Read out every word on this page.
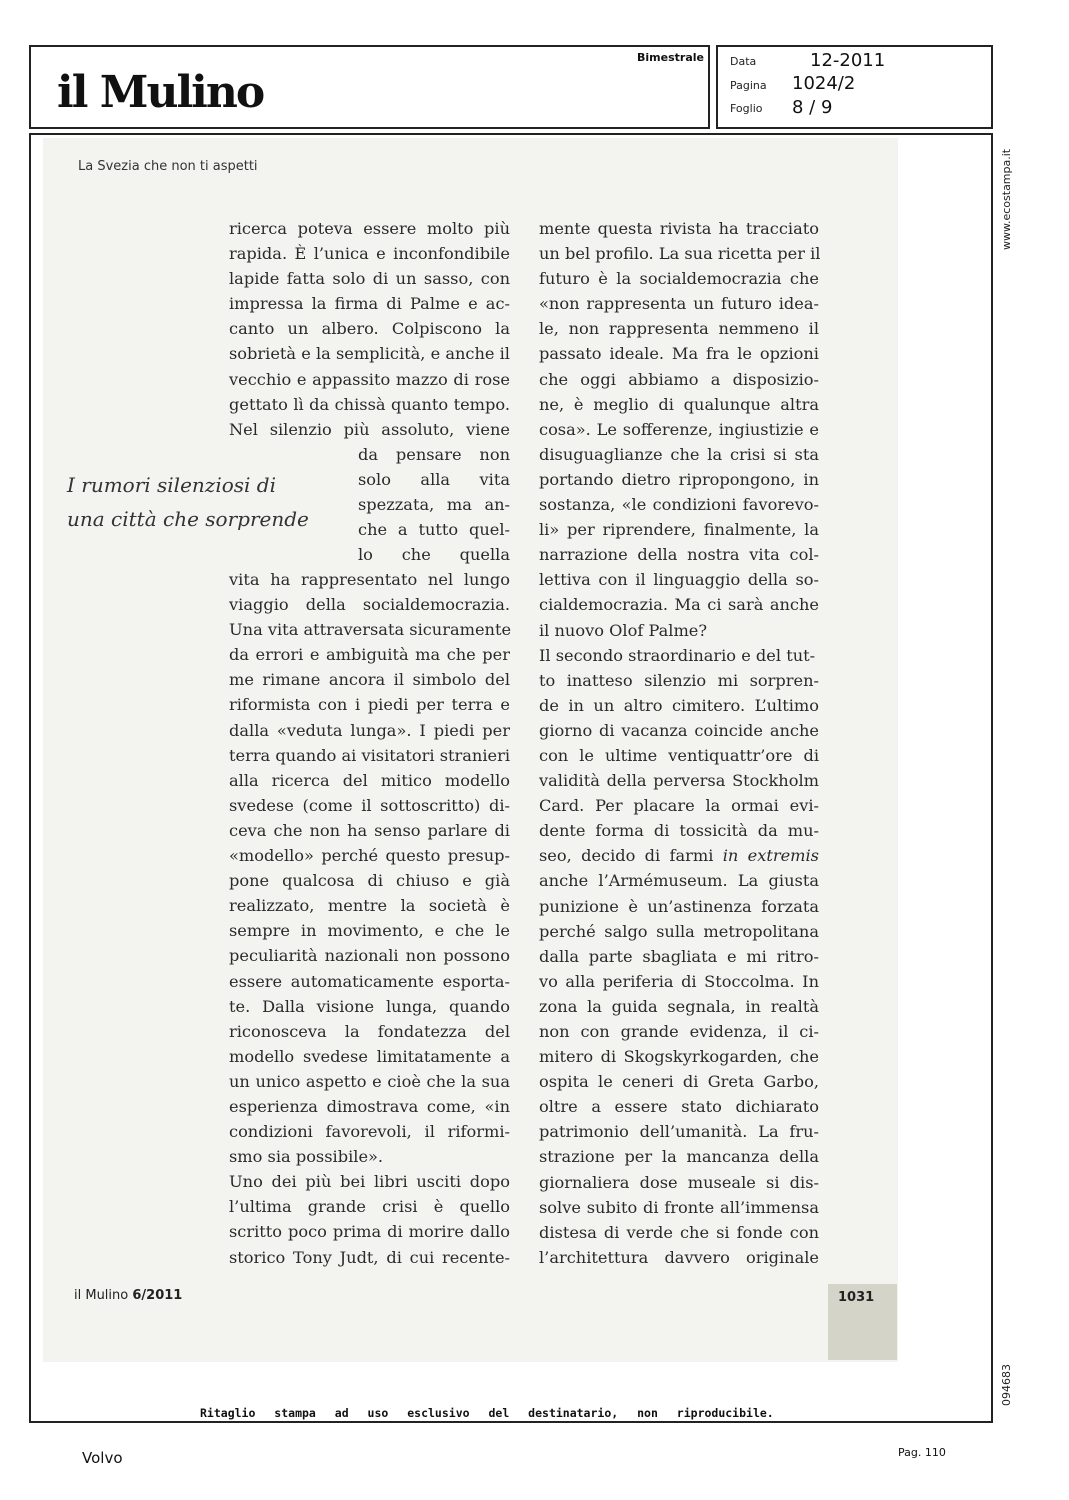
il Mulino
Bimestrale Data	12-2011
Pagina 1024/2
Foglio 8 / 9
www.ecostampa.it
094683
La Svezia che non ti aspetti
I rumori silenziosi di
una città che sorprende
ricerca poteva essere molto più
rapida. È l’unica e inconfondibile
lapide fatta solo di un sasso, con
impressa la firma di Palme e ac-
canto un albero. Colpiscono la
sobrietà e la semplicità, e anche il
vecchio e appassito mazzo di rose
gettato lì da chissà quanto tempo.
Nel silenzio più assoluto, viene
da pensare non
solo alla vita
spezzata, ma an-
che a tutto quel-
lo che quella
vita ha rappresentato nel lungo
viaggio della socialdemocrazia.
Una vita attraversata sicuramente
da errori e ambiguità ma che per
me rimane ancora il simbolo del
riformista con i piedi per terra e
dalla «veduta lunga». I piedi per
terra quando ai visitatori stranieri
alla ricerca del mitico modello
svedese (come il sottoscritto) di-
ceva che non ha senso parlare di
«modello» perché questo presup-
pone qualcosa di chiuso e già
realizzato, mentre la società è
sempre in movimento, e che le
peculiarità nazionali non possono
essere automaticamente esporta-
te. Dalla visione lunga, quando
riconosceva la fondatezza del
modello svedese limitatamente a
un unico aspetto e cioè che la sua
esperienza dimostrava come, «in
condizioni favorevoli, il riformi-
smo sia possibile».
Uno dei più bei libri usciti dopo
l’ultima grande crisi è quello
scritto poco prima di morire dallo
storico Tony Judt, di cui recente-
mente questa rivista ha tracciato
un bel profilo. La sua ricetta per il
futuro è la socialdemocrazia che
«non rappresenta un futuro idea-
le, non rappresenta nemmeno il
passato ideale. Ma fra le opzioni
che oggi abbiamo a disposizio-
ne, è meglio di qualunque altra
cosa». Le sofferenze, ingiustizie e
disuguaglianze che la crisi si sta
portando dietro ripropongono, in
sostanza, «le condizioni favorevo-
li» per riprendere, finalmente, la
narrazione della nostra vita col-
lettiva con il linguaggio della so-
cialdemocrazia. Ma ci sarà anche
il nuovo Olof Palme?
Il secondo straordinario e del tut-
to inatteso silenzio mi sorpren-
de in un altro cimitero. L’ultimo
giorno di vacanza coincide anche
con le ultime ventiquattr’ore di
validità della perversa Stockholm
Card. Per placare la ormai evi-
dente forma di tossicità da mu-
seo, decido di farmi in extremis
anche l’Armémuseum. La giusta
punizione è un’astinenza forzata
perché salgo sulla metropolitana
dalla parte sbagliata e mi ritro-
vo alla periferia di Stoccolma. In
zona la guida segnala, in realtà
non con grande evidenza, il ci-
mitero di Skogskyrkogarden, che
ospita le ceneri di Greta Garbo,
oltre a essere stato dichiarato
patrimonio dell’umanità. La fru-
strazione per la mancanza della
giornaliera dose museale si dis-
solve subito di fronte all’immensa
distesa di verde che si fonde con
l’architettura davvero originale
il Mulino 6/2011	1031
Ritaglio stampa ad uso esclusivo del destinatario, non riproducibile.
Volvo	Pag. 110
